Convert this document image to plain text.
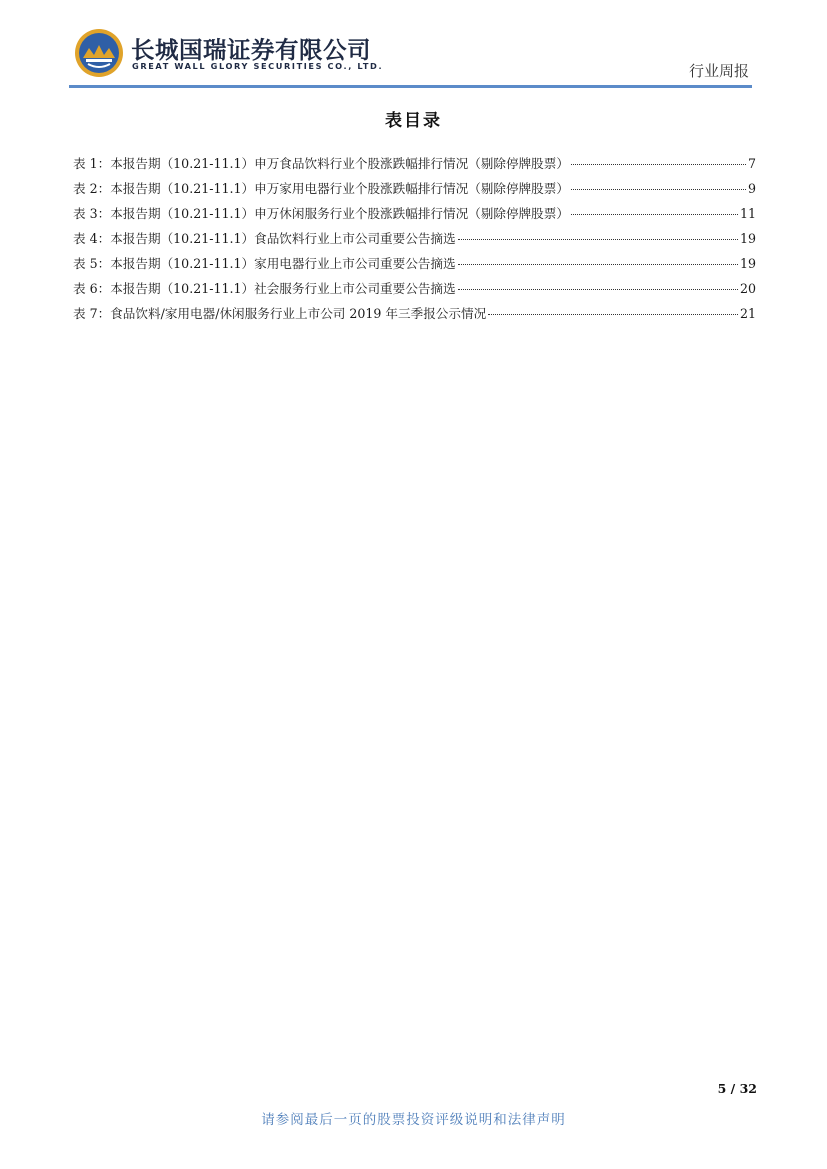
长城国瑞证券有限公司
GREAT WALL GLORY SECURITIES CO., LTD.	行业周报
表目录
表 1：本报告期（10.21-11.1）申万食品饮料行业个股涨跌幅排行情况（剔除停牌股票）	7
表 2：本报告期（10.21-11.1）申万家用电器行业个股涨跌幅排行情况（剔除停牌股票）	9
表 3：本报告期（10.21-11.1）申万休闲服务行业个股涨跌幅排行情况（剔除停牌股票）	11
表 4：本报告期（10.21-11.1）食品饮料行业上市公司重要公告摘选	19
表 5：本报告期（10.21-11.1）家用电器行业上市公司重要公告摘选	19
表 6：本报告期（10.21-11.1）社会服务行业上市公司重要公告摘选	20
表 7：食品饮料/家用电器/休闲服务行业上市公司 2019 年三季报公示情况	21
5 / 32
请参阅最后一页的股票投资评级说明和法律声明
